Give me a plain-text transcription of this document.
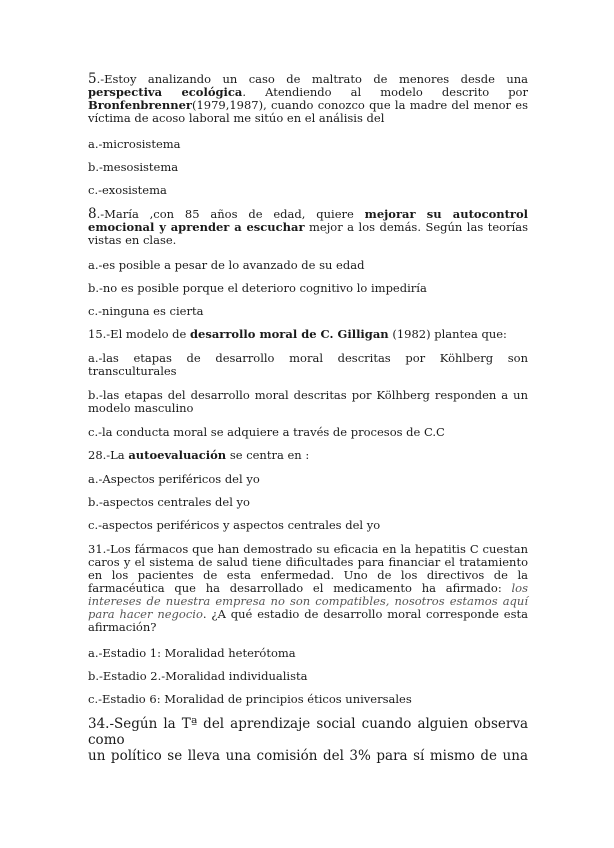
5.-Estoy analizando un caso de maltrato de menores desde una
perspectiva ecológica. Atendiendo al modelo descrito por
Bronfenbrenner(1979,1987), cuando conozco que la madre del menor es

víctima de acoso laboral me sitúo en el análisis del
a.-microsistema
b.-mesosistema
c.-exosistema
8.-María ,con 85 años de edad, quiere mejorar su autocontrol
emocional y aprender a escuchar mejor a los demás. Según las teorías

vistas en clase.
a.-es posible a pesar de lo avanzado de su edad
b.-no es posible porque el deterioro cognitivo lo impediría
c.-ninguna es cierta
15.-El modelo de desarrollo moral de C. Gilligan (1982) plantea que:
a.-las etapas de desarrollo moral descritas por Köhlberg son

transculturales
b.-las etapas del desarrollo moral descritas por Kölhberg responden a un

modelo masculino
c.-la conducta moral se adquiere a través de procesos de C.C
28.-La autoevaluación se centra en :
a.-Aspectos periféricos del yo
b.-aspectos centrales del yo
c.-aspectos periféricos y aspectos centrales del yo
31.-Los fármacos que han demostrado su eficacia en la hepatitis C cuestan
caros y el sistema de salud tiene dificultades para financiar el tratamiento
en los pacientes de esta enfermedad. Uno de los directivos de la
farmacéutica que ha desarrollado el medicamento ha afirmado: los
intereses de nuestra empresa no son compatibles, nosotros estamos aquí
para hacer negocio. ¿A qué estadio de desarrollo moral corresponde esta

afirmación?
a.-Estadio 1: Moralidad heterótoma
b.-Estadio 2.-Moralidad individualista
c.-Estadio 6: Moralidad de principios éticos universales
34.-Según la Tª del aprendizaje social cuando alguien observa como
un político se lleva una comisión del 3% para sí mismo de una
